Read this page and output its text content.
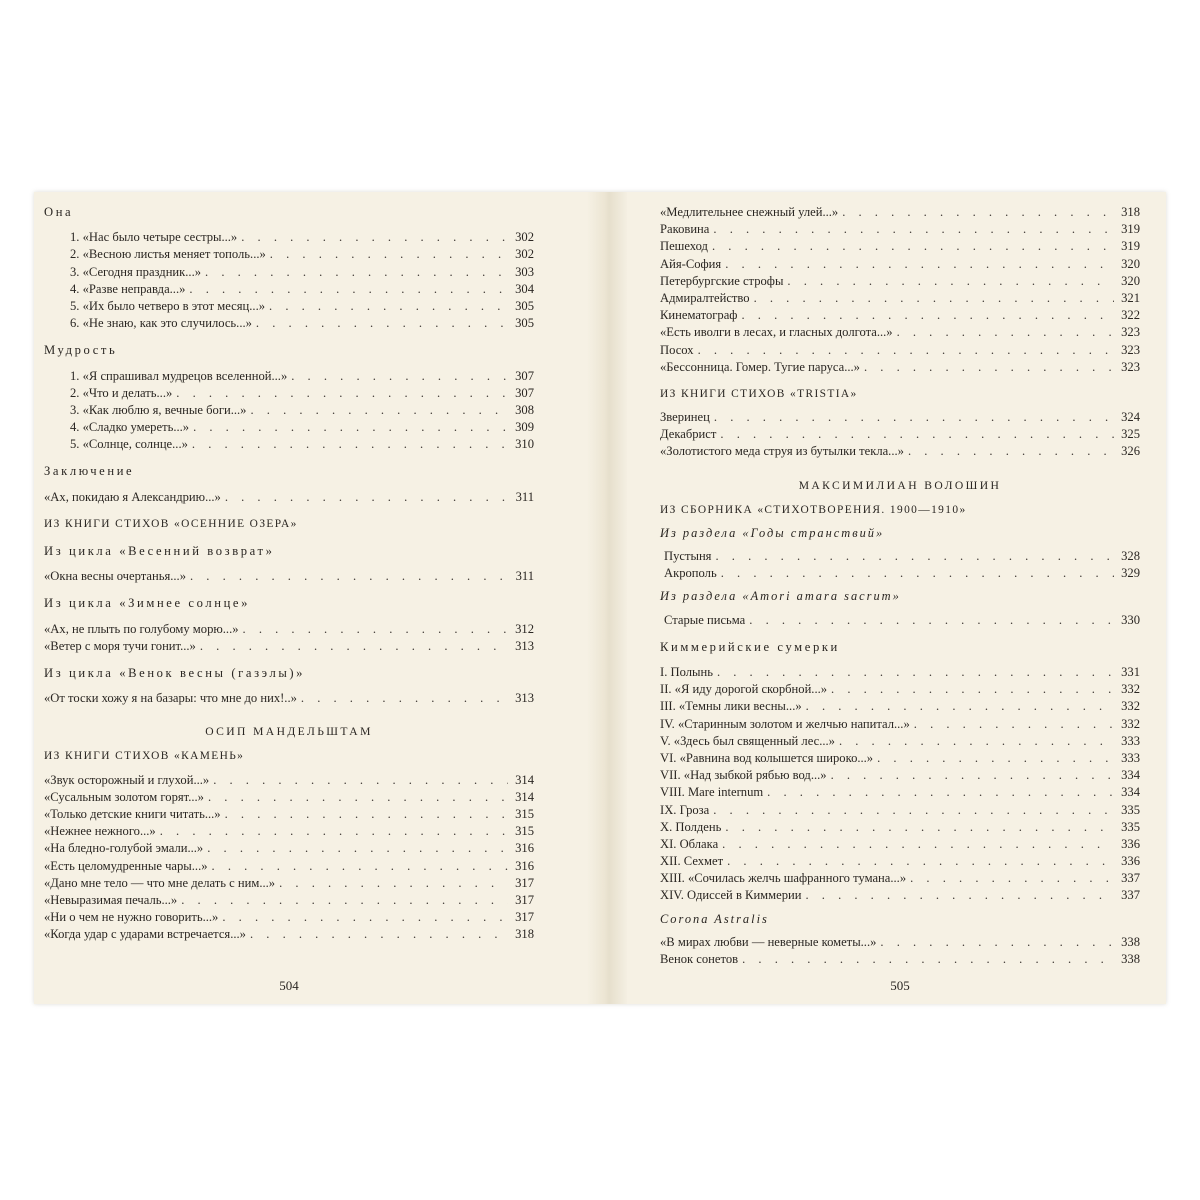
Она
1. «Нас было четыре сестры...» . . .	302
2. «Весною листья меняет тополь...» . . .	302
3. «Сегодня праздник...» . . .	303
4. «Разве неправда...» . . .	304
5. «Их было четверо в этот месяц...» . . .	305
6. «Не знаю, как это случилось...» . . .	305
Мудрость
1. «Я спрашивал мудрецов вселенной...» . . .	307
2. «Что и делать...» . . .	307
3. «Как люблю я, вечные боги...» . . .	308
4. «Сладко умереть...» . . .	309
5. «Солнце, солнце...» . . .	310
Заключение
«Ах, покидаю я Александрию...» . . .	311
ИЗ КНИГИ СТИХОВ «ОСЕННИЕ ОЗЕРА»
Из цикла «Весенний возврат»
«Окна весны очертанья...» . . .	311
Из цикла «Зимнее солнце»
«Ах, не плыть по голубому морю...» . . .	312
«Ветер с моря тучи гонит...» . . .	313
Из цикла «Венок весны (газэлы)»
«От тоски хожу я на базары: что мне до них!..» . . .	313
ОСИП МАНДЕЛЬШТАМ
ИЗ КНИГИ СТИХОВ «КАМЕНЬ»
«Звук осторожный и глухой...» . . .	314
«Сусальным золотом горят...» . . .	314
«Только детские книги читать...» . . .	315
«Нежнее нежного...» . . .	315
«На бледно-голубой эмали...» . . .	316
«Есть целомудренные чары...» . . .	316
«Дано мне тело — что мне делать с ним...» . . .	317
«Невыразимая печаль...» . . .	317
«Ни о чем не нужно говорить...» . . .	317
«Когда удар с ударами встречается...» . . .	318
504
«Медлительнее снежный улей...» . . .	318
Раковина . . .	319
Пешеход . . .	319
Айя-София . . .	320
Петербургские строфы . . .	320
Адмиралтейство . . .	321
Кинематограф . . .	322
«Есть иволги в лесах, и гласных долгота...» . . .	323
Посох . . .	323
«Бессонница. Гомер. Тугие паруса...» . . .	323
ИЗ КНИГИ СТИХОВ «TRISTIA»
Зверинец . . .	324
Декабрист . . .	325
«Золотистого меда струя из бутылки текла...» . . .	326
МАКСИМИЛИАН ВОЛОШИН
ИЗ СБОРНИКА «СТИХОТВОРЕНИЯ. 1900—1910»
Из раздела «Годы странствий»
Пустыня . . .	328
Акрополь . . .	329
Из раздела «Amori amara sacrum»
Старые письма . . .	330
Киммерийские сумерки
I. Полынь . . .	331
II. «Я иду дорогой скорбной...» . . .	332
III. «Темны лики весны...» . . .	332
IV. «Старинным золотом и желчью напитал...» . . .	332
V. «Здесь был священный лес...» . . .	333
VI. «Равнина вод колышется широко...» . . .	333
VII. «Над зыбкой рябью вод...» . . .	334
VIII. Mare internum . . .	334
IX. Гроза . . .	335
X. Полдень . . .	335
XI. Облака . . .	336
XII. Сехмет . . .	336
XIII. «Сочилась желчь шафранного тумана...» . . .	337
XIV. Одиссей в Киммерии . . .	337
Corona Astralis
«В мирах любви — неверные кометы...» . . .	338
Венок сонетов . . .	338
505
